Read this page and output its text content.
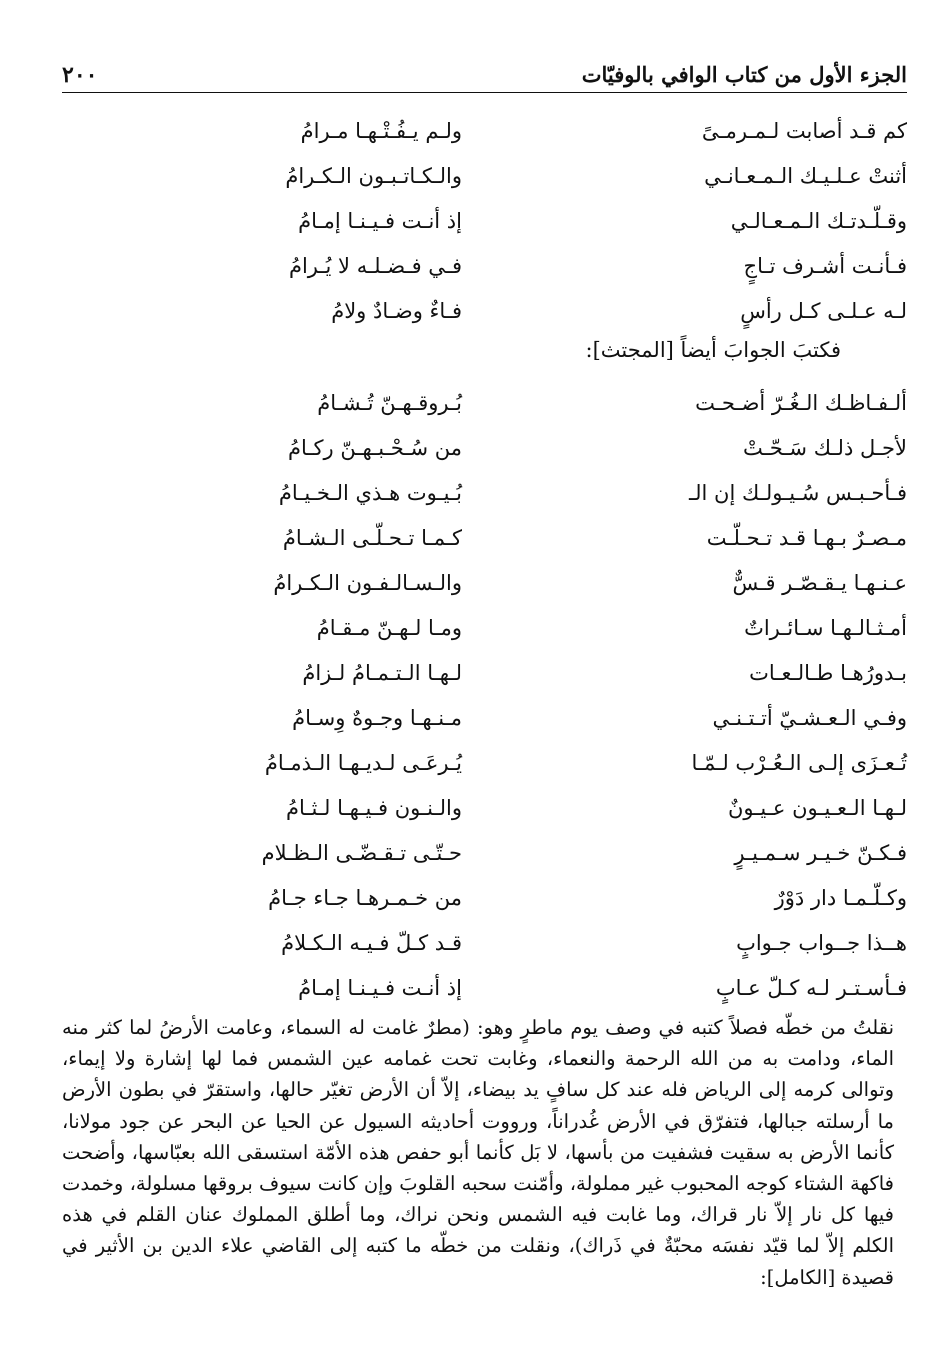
الجزء الأول من كتاب الوافي بالوفيّات
٢٠٠
كم قـد أصابت لـمـرمـىً
ولـم يـفُـتْـهـا مـرامُ
أثنتْ عـلـيـك الـمـعـانـي
والـكـاتـبـون الـكـرامُ
وقـلّـدتـك الـمـعـالـي
إذ أنـت فـيـنـا إمـامُ
فـأنـت أشـرف تـاجٍ
فـي فـضـلـه لا يُـرامُ
لـه عـلـى كـل رأسٍ
فـاءٌ وضـادٌ ولامُ
فكتبَ الجوابَ أيضاً [المجتث]:
ألـفـاظـك الـغُـرّ أضـحـت
بُـروقـهـنّ تُـشـامُ
لأجـل ذلـك سَـحّـتْ
من سُـحْـبـهـنّ ركـامُ
فـأحـبـس سُـيـولـك إن الـ
بُـيـوت هـذي الـخـيـامُ
مـصـرٌ بـهـا قـد تـحـلّـت
كـمـا تـحـلّـى الـشـامُ
عـنـهـا يـقـصّـر قـسٌّ
والـسـالـفـون الـكـرامُ
أمـثـالـهـا سـائـراتٌ
ومـا لـهـنّ مـقـامُ
بـدورُهـا طـالـعـات
لـهـا الـتـمـامُ لـزامُ
وفـي الـعـشـيّ أتـتـنـي
مـنـهـا وجـوهٌ وِسـامُ
تُـعـزَى إلـى الـعُـرْب لـمّـا
يُـرعَـى لـديـهـا الـذمـامُ
لـهـا الـعـيـون عـيـونٌ
والـنـون فـيـهـا لـثـامُ
فـكـنّ خـيـر سـمـيـرٍ
حـتّـى تـقـضّـى الـظـلام
وكـلّـمـا دار دَوْرٌ
من خـمـرهـا جـاء جـامُ
هــذا جــواب جـوابٍ
قـد كـلّ فـيـه الـكـلامُ
فـأسـتـر لـه كـلّ عـابٍ
إذ أنـت فـيـنـا إمـامُ
نقلتُ من خطّه فصلاً كتبه في وصف يوم ماطرٍ وهو: (مطرٌ غامت له السماء، وعامت الأرضُ لما كثر منه الماء، ودامت به من الله الرحمة والنعماء، وغابت تحت غمامه عين الشمس فما لها إشارة ولا إيماء، وتوالى كرمه إلى الرياض فله عند كل سافٍ يد بيضاء، إلاّ أن الأرض تغيّر حالها، واستقرّ في بطون الأرض ما أرسلته جبالها، فتفرّق في الأرض غُدراناً، ورووت أحاديثه السيول عن الحيا عن البحر عن جود مولانا، كأنما الأرض به سقيت فشفيت من بأسها، لا بَل كأنما أبو حفص هذه الأمّة استسقى الله بعبّاسها، وأضحت فاكهة الشتاء كوجه المحبوب غير مملولة، وأمّنت سحبه القلوبَ وإن كانت سيوف بروقها مسلولة، وخمدت فيها كل نار إلاّ نار قراك، وما غابت فيه الشمس ونحن نراك، وما أطلق المملوك عنان القلم في هذه الكلم إلاّ لما قيّد نفسَه محبّةٌ في ذَراك)، ونقلت من خطّه ما كتبه إلى القاضي علاء الدين بن الأثير في قصيدة [الكامل]:
